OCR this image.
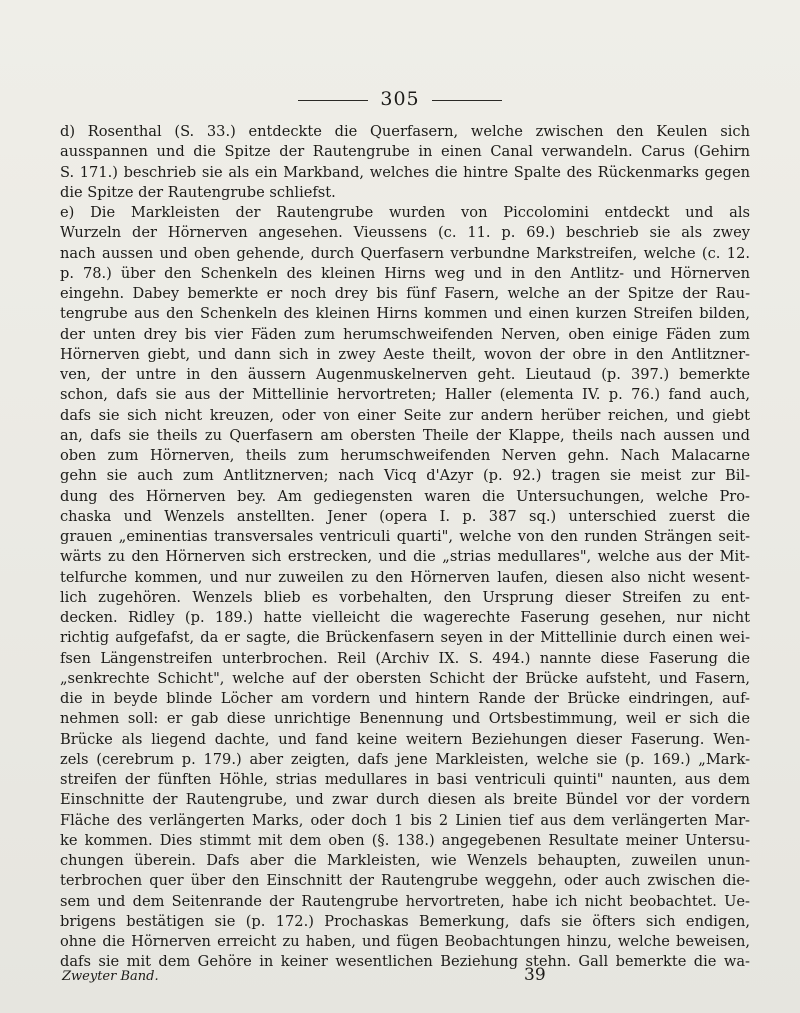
305
d) Rosenthal (S. 33.) entdeckte die Querfasern, welche zwischen den Keulen sich
ausspannen und die Spitze der Rautengrube in einen Canal verwandeln. Carus (Gehirn
S. 171.) beschrieb sie als ein Markband, welches die hintre Spalte des Rückenmarks gegen
die Spitze der Rautengrube schliefst.
e) Die Markleisten der Rautengrube wurden von Piccolomini entdeckt und als
Wurzeln der Hörnerven angesehen. Vieussens (c. 11. p. 69.) beschrieb sie als zwey
nach aussen und oben gehende, durch Querfasern verbundne Markstreifen, welche (c. 12.
p. 78.) über den Schenkeln des kleinen Hirns weg und in den Antlitz- und Hörnerven
eingehn. Dabey bemerkte er noch drey bis fünf Fasern, welche an der Spitze der Rau-
tengrube aus den Schenkeln des kleinen Hirns kommen und einen kurzen Streifen bilden,
der unten drey bis vier Fäden zum herumschweifenden Nerven, oben einige Fäden zum
Hörnerven giebt, und dann sich in zwey Aeste theilt, wovon der obre in den Antlitzner-
ven, der untre in den äussern Augenmuskelnerven geht. Lieutaud (p. 397.) bemerkte
schon, dafs sie aus der Mittellinie hervortreten; Haller (elementa IV. p. 76.) fand auch,
dafs sie sich nicht kreuzen, oder von einer Seite zur andern herüber reichen, und giebt
an, dafs sie theils zu Querfasern am obersten Theile der Klappe, theils nach aussen und
oben zum Hörnerven, theils zum herumschweifenden Nerven gehn. Nach Malacarne
gehn sie auch zum Antlitznerven; nach Vicq d'Azyr (p. 92.) tragen sie meist zur Bil-
dung des Hörnerven bey. Am gediegensten waren die Untersuchungen, welche Pro-
chaska und Wenzels anstellten. Jener (opera I. p. 387 sq.) unterschied zuerst die
grauen „eminentias transversales ventriculi quarti", welche von den runden Strängen seit-
wärts zu den Hörnerven sich erstrecken, und die „strias medullares", welche aus der Mit-
telfurche kommen, und nur zuweilen zu den Hörnerven laufen, diesen also nicht wesent-
lich zugehören. Wenzels blieb es vorbehalten, den Ursprung dieser Streifen zu ent-
decken. Ridley (p. 189.) hatte vielleicht die wagerechte Faserung gesehen, nur nicht
richtig aufgefafst, da er sagte, die Brückenfasern seyen in der Mittellinie durch einen wei-
fsen Längenstreifen unterbrochen. Reil (Archiv IX. S. 494.) nannte diese Faserung die
„senkrechte Schicht", welche auf der obersten Schicht der Brücke aufsteht, und Fasern,
die in beyde blinde Löcher am vordern und hintern Rande der Brücke eindringen, auf-
nehmen soll: er gab diese unrichtige Benennung und Ortsbestimmung, weil er sich die
Brücke als liegend dachte, und fand keine weitern Beziehungen dieser Faserung. Wen-
zels (cerebrum p. 179.) aber zeigten, dafs jene Markleisten, welche sie (p. 169.) „Mark-
streifen der fünften Höhle, strias medullares in basi ventriculi quinti" naunten, aus dem
Einschnitte der Rautengrube, und zwar durch diesen als breite Bündel vor der vordern
Fläche des verlängerten Marks, oder doch 1 bis 2 Linien tief aus dem verlängerten Mar-
ke kommen. Dies stimmt mit dem oben (§. 138.) angegebenen Resultate meiner Untersu-
chungen überein. Dafs aber die Markleisten, wie Wenzels behaupten, zuweilen unun-
terbrochen quer über den Einschnitt der Rautengrube weggehn, oder auch zwischen die-
sem und dem Seitenrande der Rautengrube hervortreten, habe ich nicht beobachtet. Ue-
brigens bestätigen sie (p. 172.) Prochaskas Bemerkung, dafs sie öfters sich endigen,
ohne die Hörnerven erreicht zu haben, und fügen Beobachtungen hinzu, welche beweisen,
dafs sie mit dem Gehöre in keiner wesentlichen Beziehung stehn. Gall bemerkte die wa-
Zweyter Band.	39
